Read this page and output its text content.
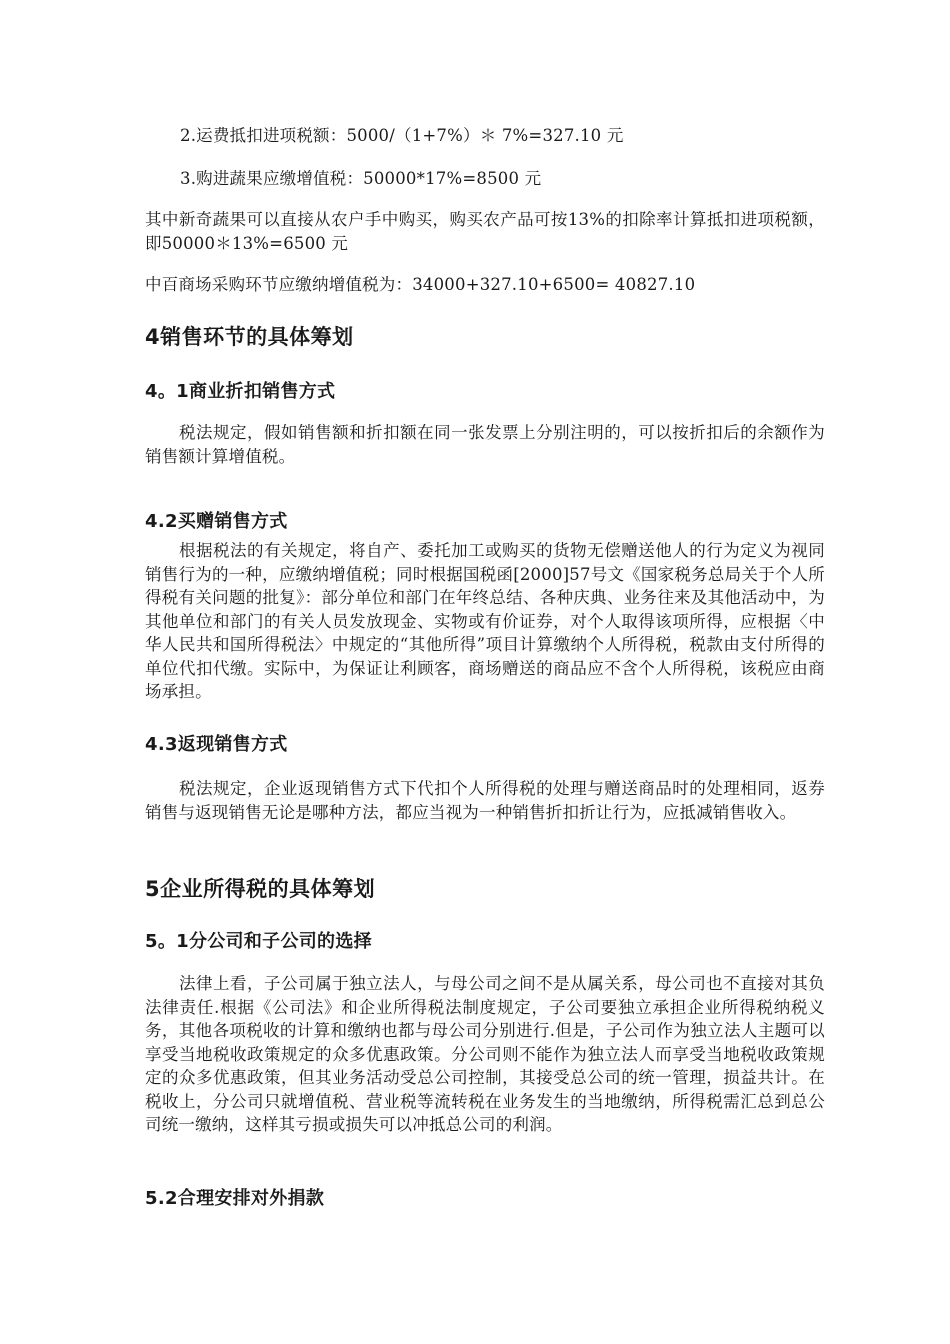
2.运费抵扣进项税额：5000/（1+7%）＊ 7%=327.10 元

3.购进蔬果应缴增值税：50000*17%=8500 元

其中新奇蔬果可以直接从农户手中购买，购买农产品可按13%的扣除率计算抵扣进项税额，即50000＊13%=6500 元

中百商场采购环节应缴纳增值税为：34000+327.10+6500= 40827.10

4销售环节的具体筹划
4。1商业折扣销售方式

税法规定，假如销售额和折扣额在同一张发票上分别注明的，可以按折扣后的余额作为销售额计算增值税。

4.2买赠销售方式

根据税法的有关规定，将自产、委托加工或购买的货物无偿赠送他人的行为定义为视同销售行为的一种，应缴纳增值税；同时根据国税函[2000]57号文《国家税务总局关于个人所得税有关问题的批复》：部分单位和部门在年终总结、各种庆典、业务往来及其他活动中，为其他单位和部门的有关人员发放现金、实物或有价证券，对个人取得该项所得，应根据〈中华人民共和国所得税法〉中规定的“其他所得”项目计算缴纳个人所得税，税款由支付所得的单位代扣代缴。实际中，为保证让利顾客，商场赠送的商品应不含个人所得税，该税应由商场承担。

4.3返现销售方式

税法规定，企业返现销售方式下代扣个人所得税的处理与赠送商品时的处理相同，返券销售与返现销售无论是哪种方法，都应当视为一种销售折扣折让行为，应抵减销售收入。

5企业所得税的具体筹划
5。1分公司和子公司的选择

法律上看，子公司属于独立法人，与母公司之间不是从属关系，母公司也不直接对其负法律责任.根据《公司法》和企业所得税法制度规定，子公司要独立承担企业所得税纳税义务，其他各项税收的计算和缴纳也都与母公司分别进行.但是，子公司作为独立法人主题可以享受当地税收政策规定的众多优惠政策。分公司则不能作为独立法人而享受当地税收政策规定的众多优惠政策，但其业务活动受总公司控制，其接受总公司的统一管理，损益共计。在税收上，分公司只就增值税、营业税等流转税在业务发生的当地缴纳，所得税需汇总到总公司统一缴纳，这样其亏损或损失可以冲抵总公司的利润。

5.2合理安排对外捐款
